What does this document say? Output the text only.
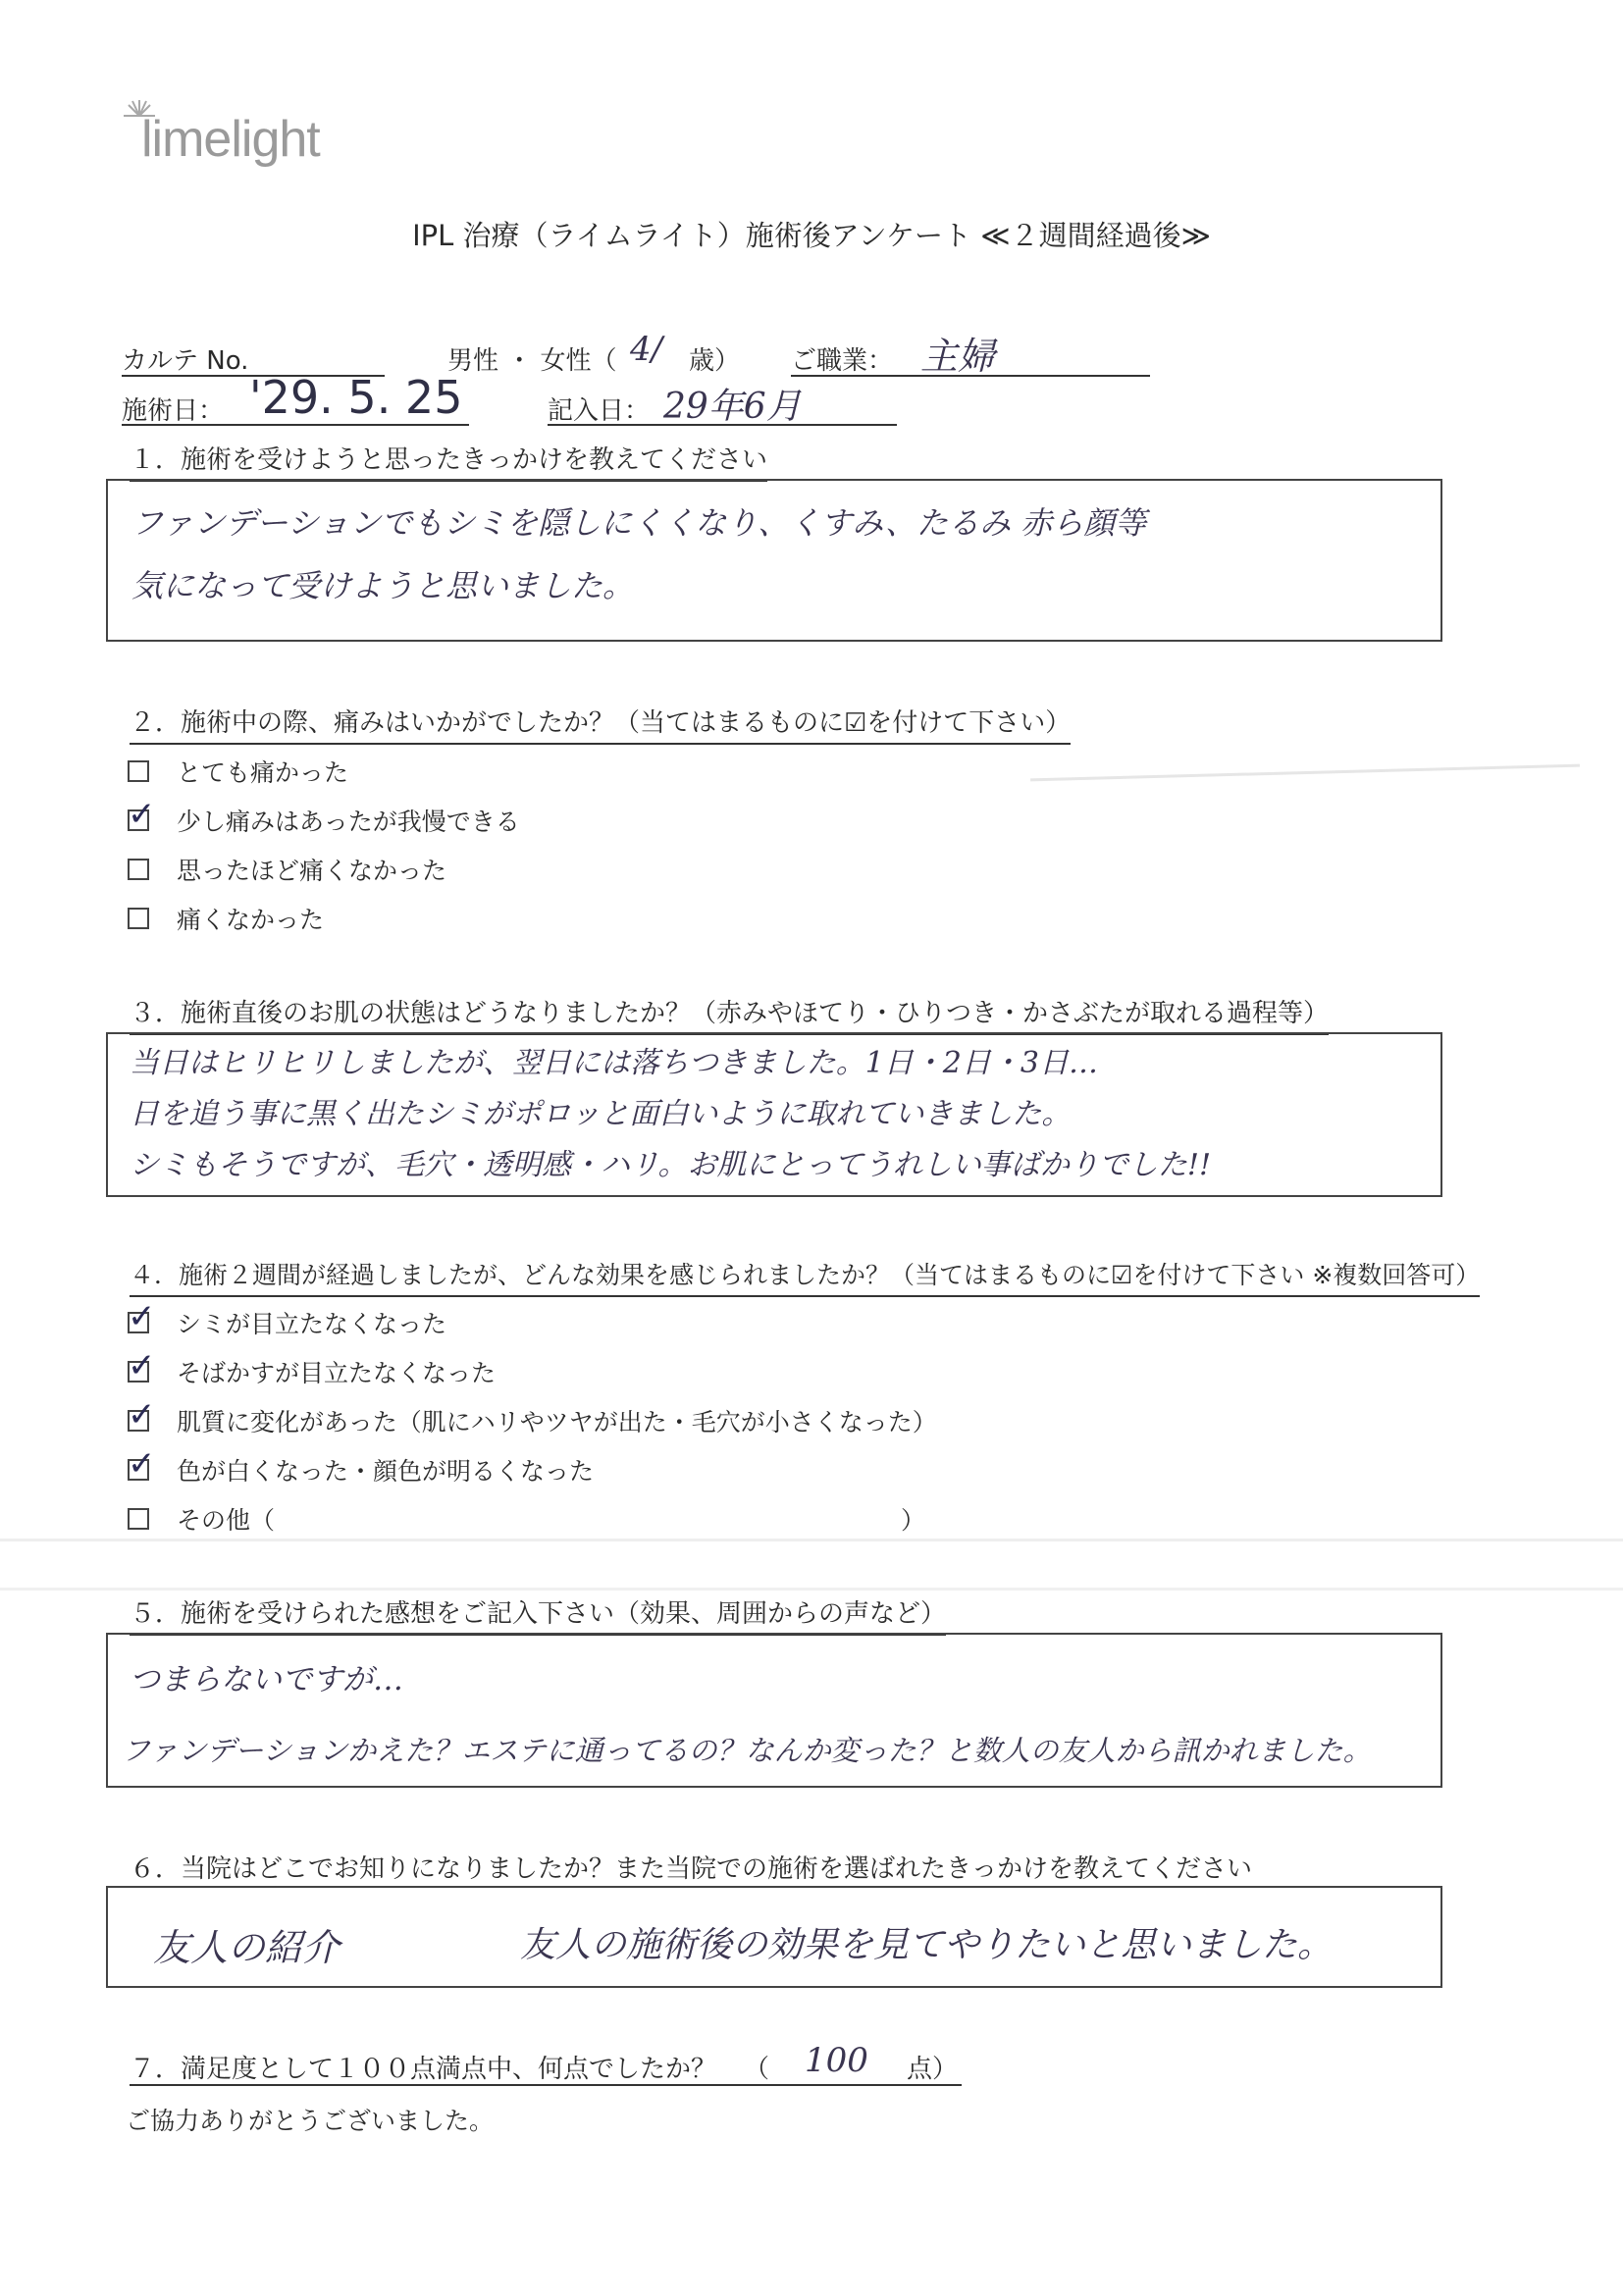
limelight
IPL 治療（ライムライト）施術後アンケート ≪２週間経過後≫
カルテ No.	男性 ・ 女性（ 4/ 歳） ご職業： 主婦
施術日： '29. 5. 25	記入日： 29年6月
１．施術を受けようと思ったきっかけを教えてください
ファンデーションでもシミを隠しにくくなり、くすみ、たるみ 赤ら顔等
気になって受けようと思いました。
２．施術中の際、痛みはいかがでしたか？（当てはまるものに☑を付けて下さい）
とても痛かった
✓ 少し痛みはあったが我慢できる
思ったほど痛くなかった
痛くなかった
３．施術直後のお肌の状態はどうなりましたか？（赤みやほてり・ひりつき・かさぶたが取れる過程等）
当日はヒリヒリしましたが、翌日には落ちつきました。1日・2日・3日…
日を追う事に黒く出たシミがポロッと面白いように取れていきました。
シミもそうですが、毛穴・透明感・ハリ。お肌にとってうれしい事ばかりでした!!
４．施術２週間が経過しましたが、どんな効果を感じられましたか？（当てはまるものに☑を付けて下さい ※複数回答可）
✓ シミが目立たなくなった
✓ そばかすが目立たなくなった
✓ 肌質に変化があった（肌にハリやツヤが出た・毛穴が小さくなった）
✓ 色が白くなった・顔色が明るくなった
その他（	）
５．施術を受けられた感想をご記入下さい（効果、周囲からの声など）
つまらないですが…
ファンデーションかえた？エステに通ってるの？なんか変った？と数人の友人から訊かれました。
６．当院はどこでお知りになりましたか？また当院での施術を選ばれたきっかけを教えてください
友人の紹介	友人の施術後の効果を見てやりたいと思いました。
７．満足度として１００点満点中、何点でしたか？ （ 100 点）
ご協力ありがとうございました。
